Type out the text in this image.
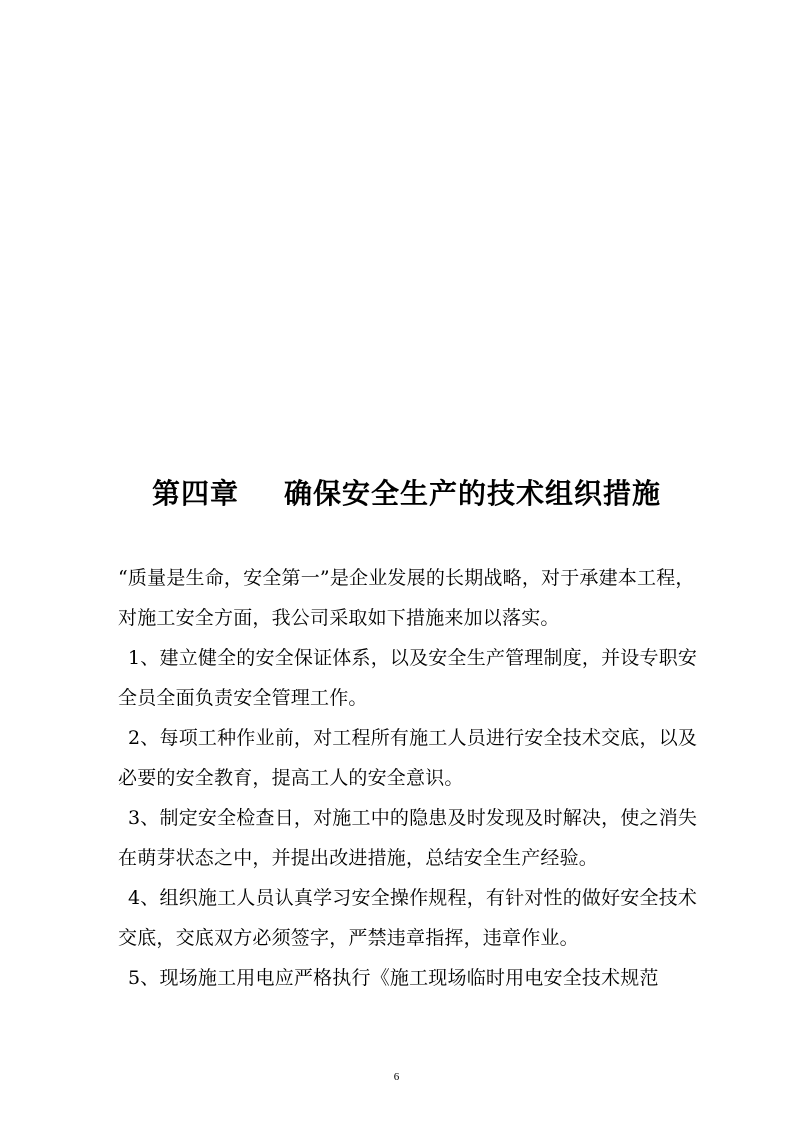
第四章 确保安全生产的技术组织措施
“质量是生命，安全第一”是企业发展的长期战略，对于承建本工程，
对施工安全方面，我公司采取如下措施来加以落实。
1、建立健全的安全保证体系，以及安全生产管理制度，并设专职安
全员全面负责安全管理工作。
2、每项工种作业前，对工程所有施工人员进行安全技术交底，以及
必要的安全教育，提高工人的安全意识。
3、制定安全检查日，对施工中的隐患及时发现及时解决，使之消失
在萌芽状态之中，并提出改进措施，总结安全生产经验。
4、组织施工人员认真学习安全操作规程，有针对性的做好安全技术
交底，交底双方必须签字，严禁违章指挥，违章作业。
5、现场施工用电应严格执行《施工现场临时用电安全技术规范
6
